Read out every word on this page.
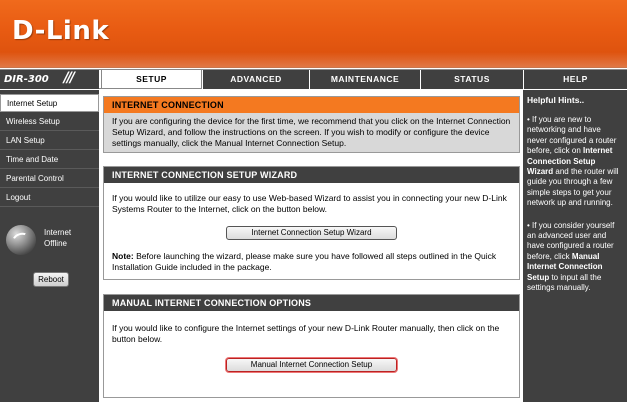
D-Link
DIR-300 ///	SETUP	ADVANCED	MAINTENANCE	STATUS	HELP
Internet Setup
Wireless Setup
LAN Setup
Time and Date
Parental Control
Logout
Internet
Offline
Reboot
INTERNET CONNECTION
If you are configuring the device for the first time, we recommend that you click on the Internet Connection Setup Wizard, and follow the instructions on the screen. If you wish to modify or configure the device settings manually, click the Manual Internet Connection Setup.
INTERNET CONNECTION SETUP WIZARD
If you would like to utilize our easy to use Web-based Wizard to assist you in connecting your new D-Link Systems Router to the Internet, click on the button below.
Internet Connection Setup Wizard
Note: Before launching the wizard, please make sure you have followed all steps outlined in the Quick Installation Guide included in the package.
MANUAL INTERNET CONNECTION OPTIONS
If you would like to configure the Internet settings of your new D-Link Router manually, then click on the button below.
Manual Internet Connection Setup
Helpful Hints..
• If you are new to networking and have never configured a router before, click on Internet Connection Setup Wizard and the router will guide you through a few simple steps to get your network up and running.
• If you consider yourself an advanced user and have configured a router before, click Manual Internet Connection Setup to input all the settings manually.
